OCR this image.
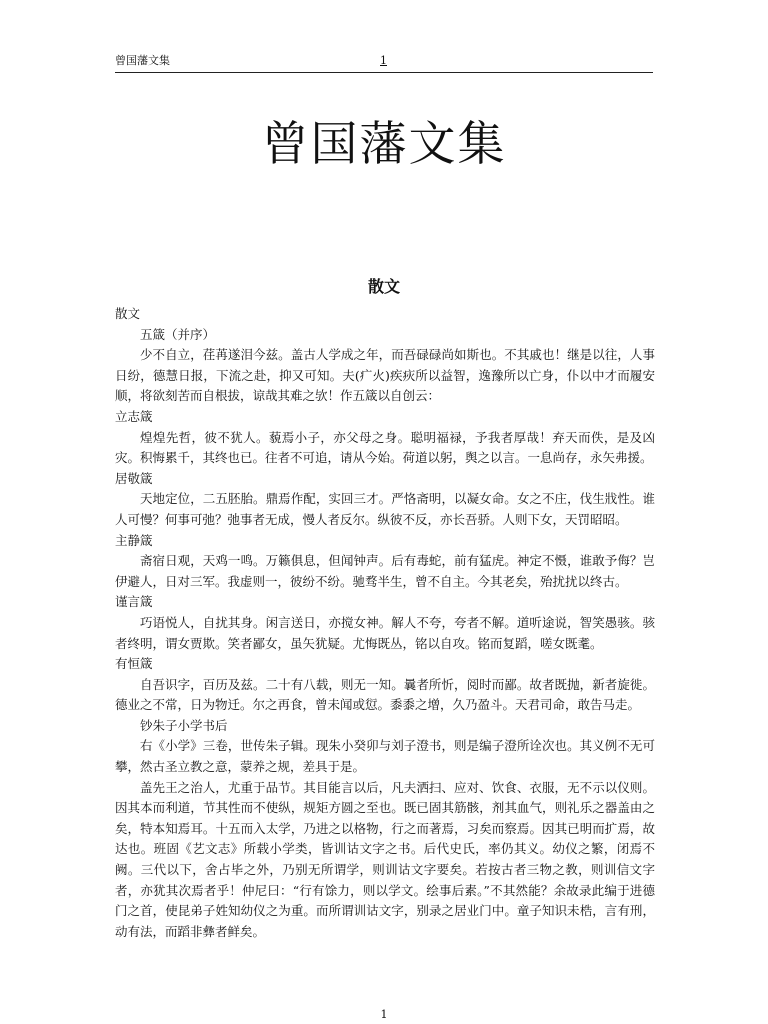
曾国藩文集	1
曾国藩文集
散文

散文

五箴（并序）

少不自立，荏苒遂泪今兹。盖古人学成之年，而吾碌碌尚如斯也。不其戚也！继是以往，人事日纷，德慧日报，下流之赴，抑又可知。夫(疒火)疾疢所以益智，逸豫所以亡身，仆以中才而履安顺，将欲刻苦而自根拔，谅哉其难之欤！作五箴以自创云：

立志箴

煌煌先哲，彼不犹人。藐焉小子，亦父母之身。聪明福禄，予我者厚哉！弃天而佚，是及凶灾。积悔累千，其终也已。往者不可追，请从今始。荷道以躬，舆之以言。一息尚存，永矢弗援。

居敬箴

天地定位，二五胚胎。鼎焉作配，实回三才。严恪斋明，以凝女命。女之不庄，伐生戕性。谁人可慢？何事可弛？弛事者无成，慢人者反尔。纵彼不反，亦长吾骄。人则下女，天罚昭昭。

主静箴

斋宿日观，天鸡一鸣。万籁俱息，但闻钟声。后有毒蛇，前有猛虎。神定不慑，谁敢予侮？岂伊避人，日对三军。我虚则一，彼纷不纷。驰骛半生，曾不自主。今其老矣，殆扰扰以终古。

谨言箴

巧语悦人，自扰其身。闲言送日，亦搅女神。解人不夸，夸者不解。道听途说，智笑愚骇。骇者终明，谓女贾欺。笑者鄙女，虽矢犹疑。尤悔既丛，铭以自攻。铭而复蹈，嗟女既耄。

有恒箴

自吾识字，百历及兹。二十有八载，则无一知。曩者所忻，阅时而鄙。故者既抛，新者旋徙。德业之不常，日为物迁。尔之再食，曾未闻或愆。黍黍之增，久乃盈斗。天君司命，敢告马走。

钞朱子小学书后

右《小学》三卷，世传朱子辑。现朱小癸卯与刘子澄书，则是编子澄所诠次也。其义例不无可攀，然古圣立教之意，蒙养之规，差具于是。

盖先王之治人，尤重于品节。其目能言以后，凡夫洒扫、应对、饮食、衣服，无不示以仪则。因其本而利道，节其性而不使纵，规矩方圆之至也。既已固其筋骸，剂其血气，则礼乐之器盖由之矣，特本知焉耳。十五而入太学，乃进之以格物，行之而著焉，习矣而察焉。因其已明而扩焉，故达也。班固《艺文志》所载小学类，皆训诂文字之书。后代史氏，率仍其义。幼仪之繁，闭焉不阙。三代以下，舍占毕之外，乃别无所谓学，则训诂文字要矣。若按古者三物之教，则训信文字者，亦犹其次焉者乎！仲尼曰：“行有馀力，则以学文。绘事后素。”不其然能？余故录此编于进德门之首，使昆弟子姓知幼仪之为重。而所谓训诂文字，别录之居业门中。童子知识未梏，言有刑，动有法，而蹈非彝者鲜矣。

1
